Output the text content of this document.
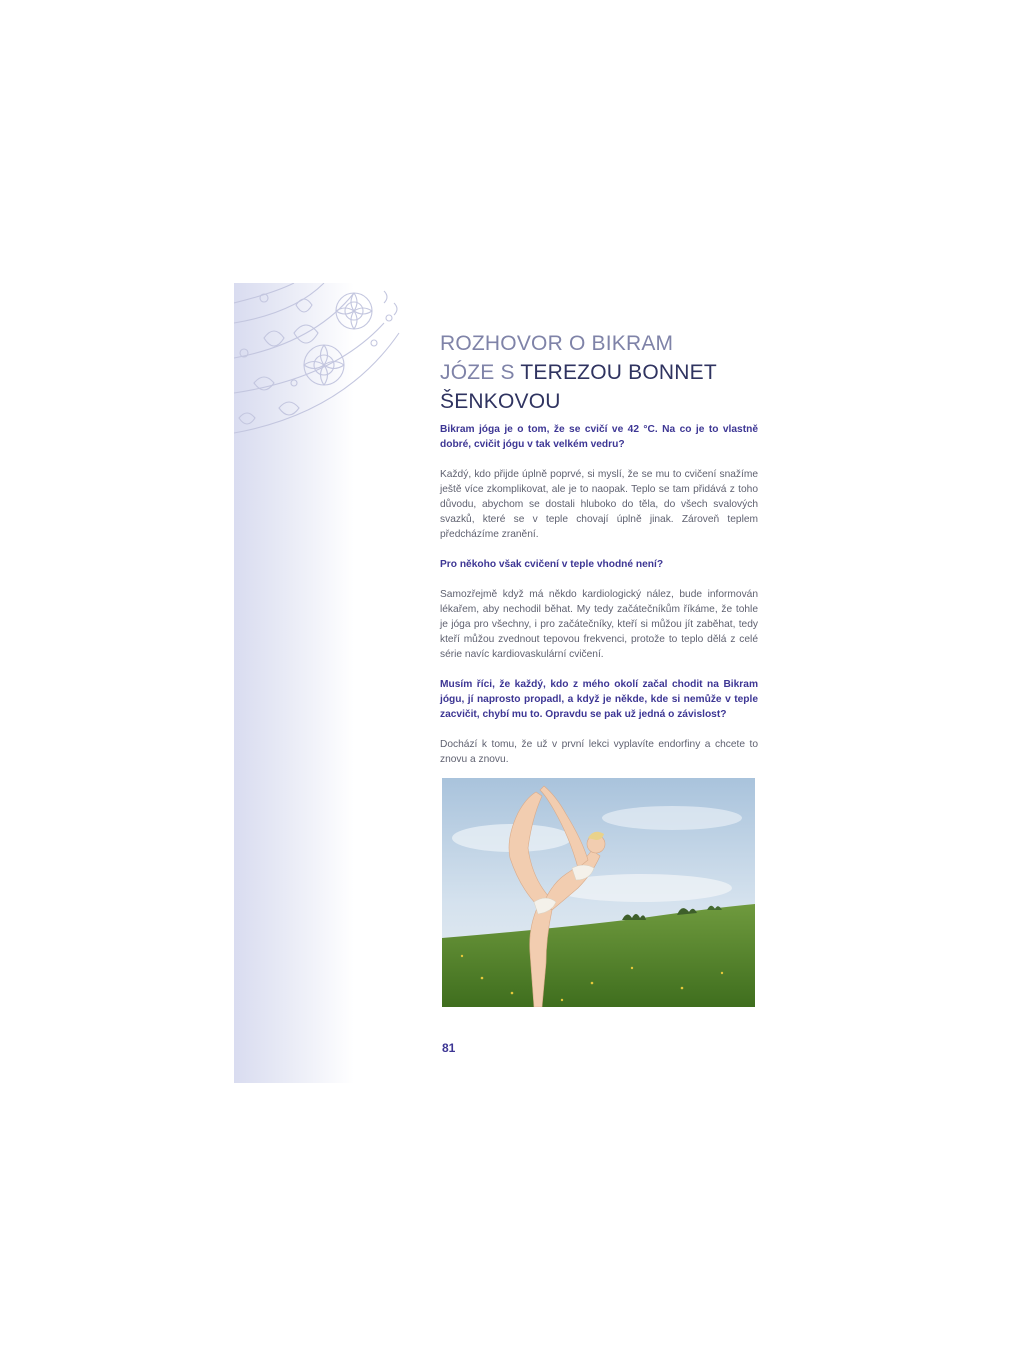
ROZHOVOR O BIKRAM
JÓZE S TEREZOU BONNET
ŠENKOVOU

Bikram jóga je o tom, že se cvičí ve 42 °C. Na co je to vlastně dobré, cvičit jógu v tak velkém vedru?

Každý, kdo přijde úplně poprvé, si myslí, že se mu to cvičení snažíme ještě více zkomplikovat, ale je to naopak. Teplo se tam přidává z toho důvodu, abychom se dostali hluboko do těla, do všech svalových svazků, které se v teple chovají úplně jinak. Zároveň teplem předcházíme zranění.

Pro někoho však cvičení v teple vhodné není?

Samozřejmě když má někdo kardiologický nález, bude informován lékařem, aby nechodil běhat. My tedy začátečníkům říkáme, že tohle je jóga pro všechny, i pro začátečníky, kteří si můžou jít zaběhat, tedy kteří můžou zvednout tepovou frekvenci, protože to teplo dělá z celé série navíc kardiovaskulární cvičení.

Musím říci, že každý, kdo z mého okolí začal chodit na Bikram jógu, jí naprosto propadl, a když je někde, kde si nemůže v teple zacvičit, chybí mu to. Opravdu se pak už jedná o závislost?

Dochází k tomu, že už v první lekci vyplavíte endorfiny a chcete to znovu a znovu.

81
